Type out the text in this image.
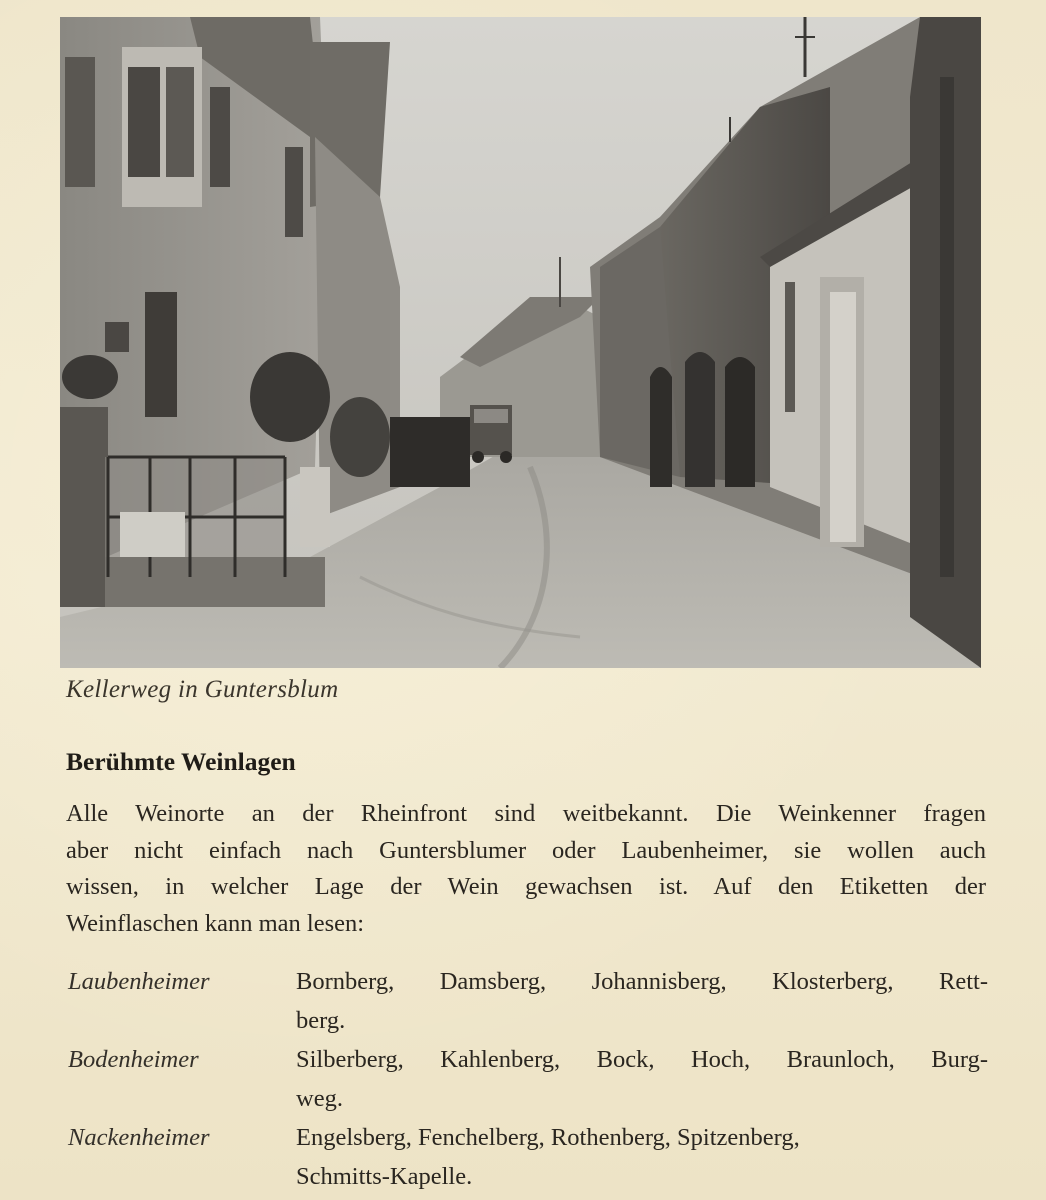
Kellerweg in Guntersblum
Berühmte Weinlagen
Alle Weinorte an der Rheinfront sind weitbekannt. Die Weinkenner fragen
aber nicht einfach nach Guntersblumer oder Laubenheimer, sie wollen auch
wissen, in welcher Lage der Wein gewachsen ist. Auf den Etiketten der
Weinflaschen kann man lesen:
Laubenheimer	Bornberg, Damsberg, Johannisberg, Klosterberg, Rett-
berg.
Bodenheimer	Silberberg, Kahlenberg, Bock, Hoch, Braunloch, Burg-
weg.
Nackenheimer	Engelsberg, Fenchelberg, Rothenberg, Spitzenberg,
Schmitts-Kapelle.
